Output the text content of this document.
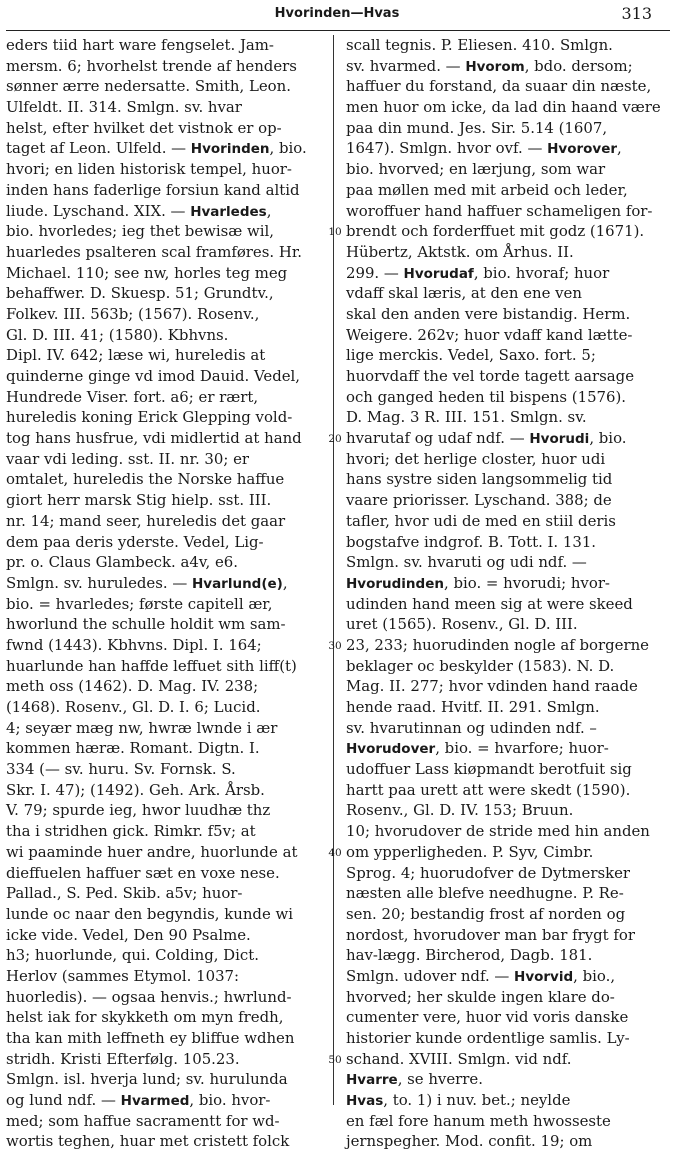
Hvorinden—Hvas	313
eders tiid hart ware fengselet. Jam-
mersm. 6; hvorhelst trende af henders
sønner ærre nedersatte. Smith, Leon.
Ulfeldt. II. 314. Smlgn. sv. hvar
helst, efter hvilket det vistnok er op-
taget af Leon. Ulfeld. — Hvorinden, bio.
hvori; en liden historisk tempel, huor-
inden hans faderlige forsiun kand altid
liude. Lyschand. XIX. — Hvarledes,
bio. hvorledes; ieg thet bewisæ wil,
huarledes psalteren scal framføres. Hr.
Michael. 110; see nw, horles teg meg
behaffwer. D. Skuesp. 51; Grundtv.,
Folkev. III. 563b; (1567). Rosenv.,
Gl. D. III. 41; (1580). Kbhvns.
Dipl. IV. 642; læse wi, hureledis at
quinderne ginge vd imod Dauid. Vedel,
Hundrede Viser. fort. a6; er rært,
hureledis koning Erick Glepping vold-
tog hans husfrue, vdi midlertid at hand
vaar vdi leding. sst. II. nr. 30; er
omtalet, hureledis the Norske haffue
giort herr marsk Stig hielp. sst. III.
nr. 14; mand seer, hureledis det gaar
dem paa deris yderste. Vedel, Lig-
pr. o. Claus Glambeck. a4v, e6.
Smlgn. sv. huruledes. — Hvarlund(e),
bio. = hvarledes; første capitell ær,
hworlund the schulle holdit wm sam-
fwnd (1443). Kbhvns. Dipl. I. 164;
huarlunde han haffde leffuet sith liff(t)
meth oss (1462). D. Mag. IV. 238;
(1468). Rosenv., Gl. D. I. 6; Lucid.
4; seyær mæg nw, hwræ lwnde i ær
kommen hæræ. Romant. Digtn. I.
334 (— sv. huru. Sv. Fornsk. S.
Skr. I. 47); (1492). Geh. Ark. Årsb.
V. 79; spurde ieg, hwor luudhæ thz
tha i stridhen gick. Rimkr. f5v; at
wi paaminde huer andre, huorlunde at
dieffuelen haffuer sæt en voxe nese.
Pallad., S. Ped. Skib. a5v; huor-
lunde oc naar den begyndis, kunde wi
icke vide. Vedel, Den 90 Psalme.
h3; huorlunde, qui. Colding, Dict.
Herlov (sammes Etymol. 1037:
huorledis). — ogsaa henvis.; hwrlund-
helst iak for skykketh om myn fredh,
tha kan mith leffneth ey bliffue wdhen
stridh. Kristi Efterfølg. 105.23.
Smlgn. isl. hverja lund; sv. hurulunda
og lund ndf. — Hvarmed, bio. hvor-
med; som haffue sacramentt for wd-
wortis teghen, huar met cristett folck
scall tegnis. P. Eliesen. 410. Smlgn.
sv. hvarmed. — Hvorom, bdo. dersom;
haffuer du forstand, da suaar din næste,
men huor om icke, da lad din haand være
paa din mund. Jes. Sir. 5.14 (1607,
1647). Smlgn. hvor ovf. — Hvorover,
bio. hvorved; en lærjung, som war
paa møllen med mit arbeid och leder,
woroffuer hand haffuer schameligen for-
brendt och forderffuet mit godz (1671).
Hübertz, Aktstk. om Århus. II.
299. — Hvorudaf, bio. hvoraf; huor
vdaff skal læris, at den ene ven
skal den anden vere bistandig. Herm.
Weigere. 262v; huor vdaff kand lætte-
lige merckis. Vedel, Saxo. fort. 5;
huorvdaff the vel torde tagett aarsage
och ganged heden til bispens (1576).
D. Mag. 3 R. III. 151. Smlgn. sv.
hvarutaf og udaf ndf. — Hvorudi, bio.
hvori; det herlige closter, huor udi
hans systre siden langsommelig tid
vaare priorisser. Lyschand. 388; de
tafler, hvor udi de med en stiil deris
bogstafve indgrof. B. Tott. I. 131.
Smlgn. sv. hvaruti og udi ndf. —
Hvorudinden, bio. = hvorudi; hvor-
udinden hand meen sig at were skeed
uret (1565). Rosenv., Gl. D. III.
23, 233; huorudinden nogle af borgerne
beklager oc beskylder (1583). N. D.
Mag. II. 277; hvor vdinden hand raade
hende raad. Hvitf. II. 291. Smlgn.
sv. hvarutinnan og udinden ndf. –
Hvorudover, bio. = hvarfore; huor-
udoffuer Lass kiøpmandt berotfuit sig
hartt paa urett att were skedt (1590).
Rosenv., Gl. D. IV. 153; Bruun.
10; hvorudover de stride med hin anden
om ypperligheden. P. Syv, Cimbr.
Sprog. 4; huorudofver de Dytmersker
næsten alle blefve needhugne. P. Re-
sen. 20; bestandig frost af norden og
nordost, hvorudover man bar frygt for
hav-lægg. Bircherod, Dagb. 181.
Smlgn. udover ndf. — Hvorvid, bio.,
hvorved; her skulde ingen klare do-
cumenter vere, huor vid voris danske
historier kunde ordentlige samlis. Ly-
schand. XVIII. Smlgn. vid ndf.
Hvarre, se hverre.
Hvas, to. 1) i nuv. bet.; neylde
en fæl fore hanum meth hwosseste
jernspegher. Mod. confit. 19; om
10
20
30
40
50
